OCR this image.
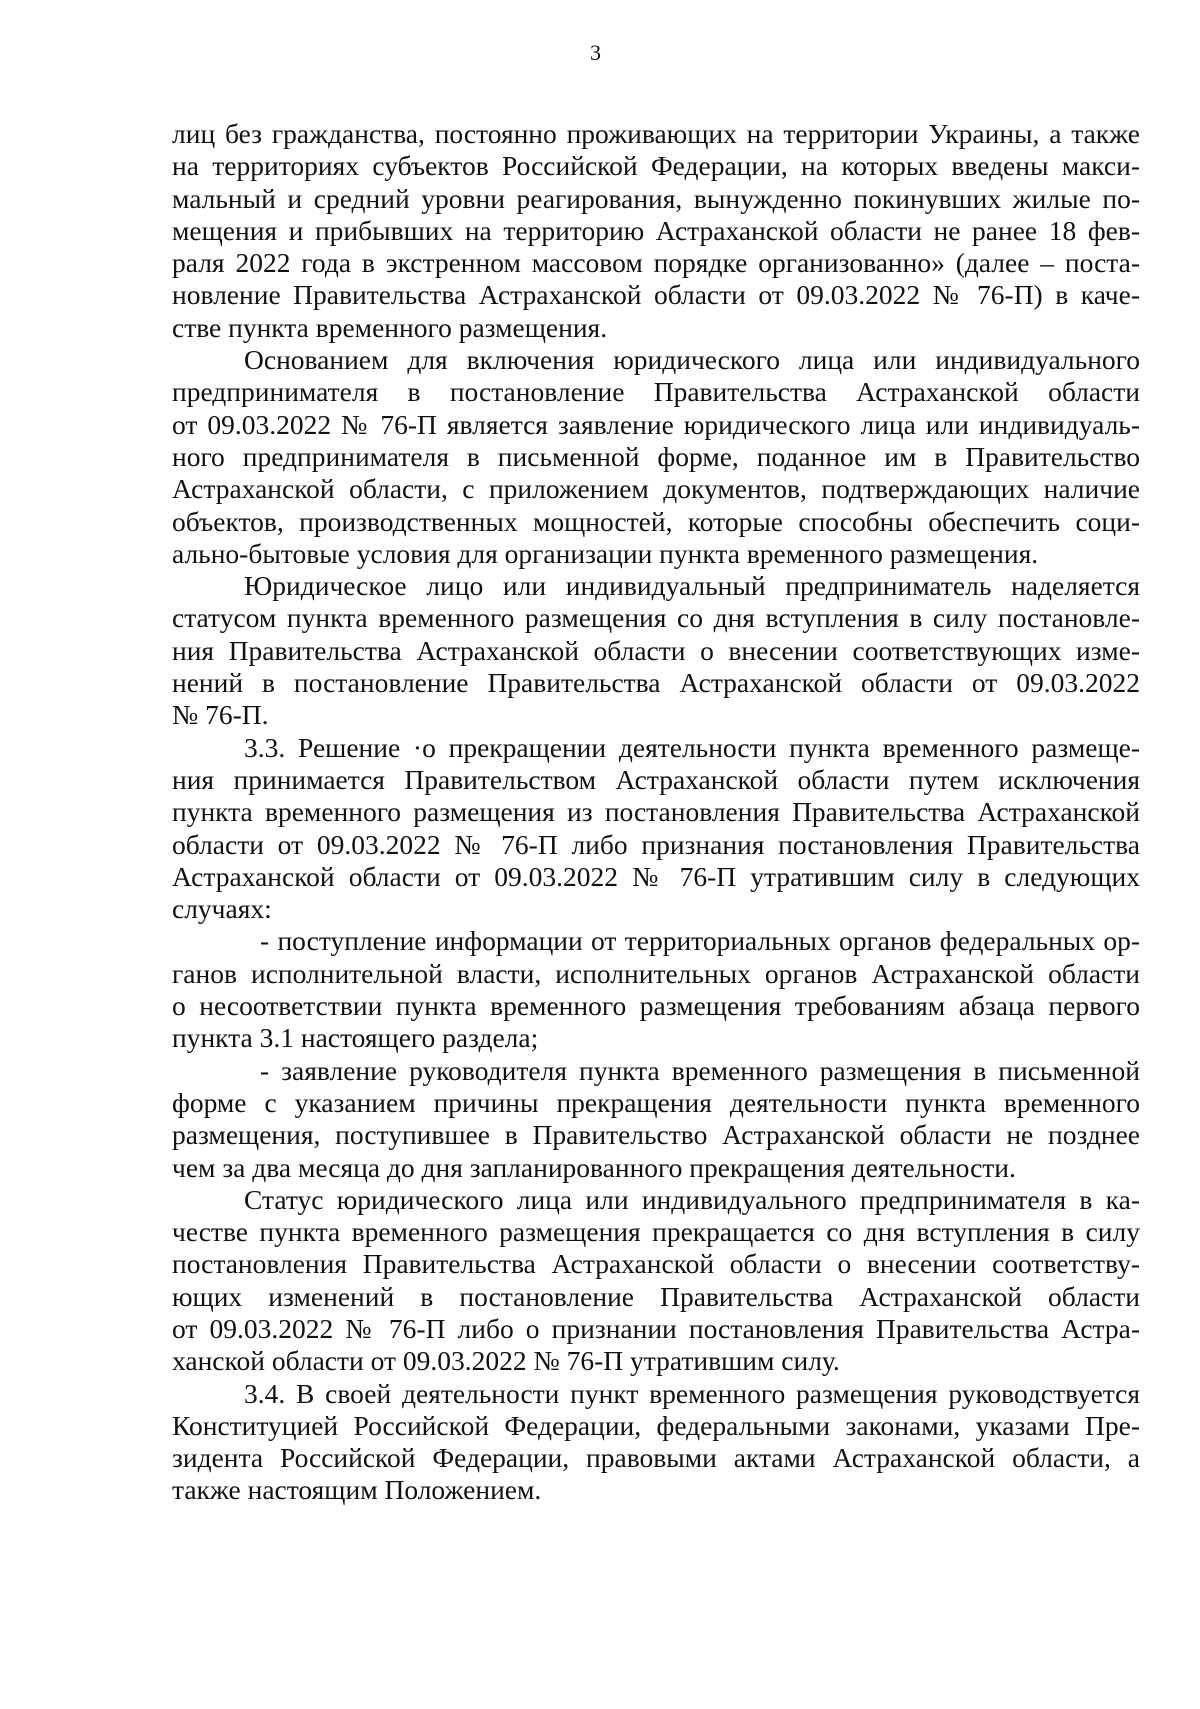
3
лиц без гражданства, постоянно проживающих на территории Украины, а также
на территориях субъектов Российской Федерации, на которых введены макси-
мальный и средний уровни реагирования, вынужденно покинувших жилые по-
мещения и прибывших на территорию Астраханской области не ранее 18 фев-
раля 2022 года в экстренном массовом порядке организованно» (далее – поста-
новление Правительства Астраханской области от 09.03.2022 № 76-П) в каче-
стве пункта временного размещения.
Основанием для включения юридического лица или индивидуального
предпринимателя в постановление Правительства Астраханской области
от 09.03.2022 № 76-П является заявление юридического лица или индивидуаль-
ного предпринимателя в письменной форме, поданное им в Правительство
Астраханской области, с приложением документов, подтверждающих наличие
объектов, производственных мощностей, которые способны обеспечить соци-
ально-бытовые условия для организации пункта временного размещения.
Юридическое лицо или индивидуальный предприниматель наделяется
статусом пункта временного размещения со дня вступления в силу постановле-
ния Правительства Астраханской области о внесении соответствующих изме-
нений в постановление Правительства Астраханской области от 09.03.2022
№ 76-П.
3.3. Решение ·о прекращении деятельности пункта временного размеще-
ния принимается Правительством Астраханской области путем исключения
пункта временного размещения из постановления Правительства Астраханской
области от 09.03.2022 № 76-П либо признания постановления Правительства
Астраханской области от 09.03.2022 № 76-П утратившим силу в следующих
случаях:
- поступление информации от территориальных органов федеральных ор-
ганов исполнительной власти, исполнительных органов Астраханской области
о несоответствии пункта временного размещения требованиям абзаца первого
пункта 3.1 настоящего раздела;
- заявление руководителя пункта временного размещения в письменной
форме с указанием причины прекращения деятельности пункта временного
размещения, поступившее в Правительство Астраханской области не позднее
чем за два месяца до дня запланированного прекращения деятельности.
Статус юридического лица или индивидуального предпринимателя в ка-
честве пункта временного размещения прекращается со дня вступления в силу
постановления Правительства Астраханской области о внесении соответству-
ющих изменений в постановление Правительства Астраханской области
от 09.03.2022 № 76-П либо о признании постановления Правительства Астра-
ханской области от 09.03.2022 № 76-П утратившим силу.
3.4. В своей деятельности пункт временного размещения руководствуется
Конституцией Российской Федерации, федеральными законами, указами Пре-
зидента Российской Федерации, правовыми актами Астраханской области, а
также настоящим Положением.
